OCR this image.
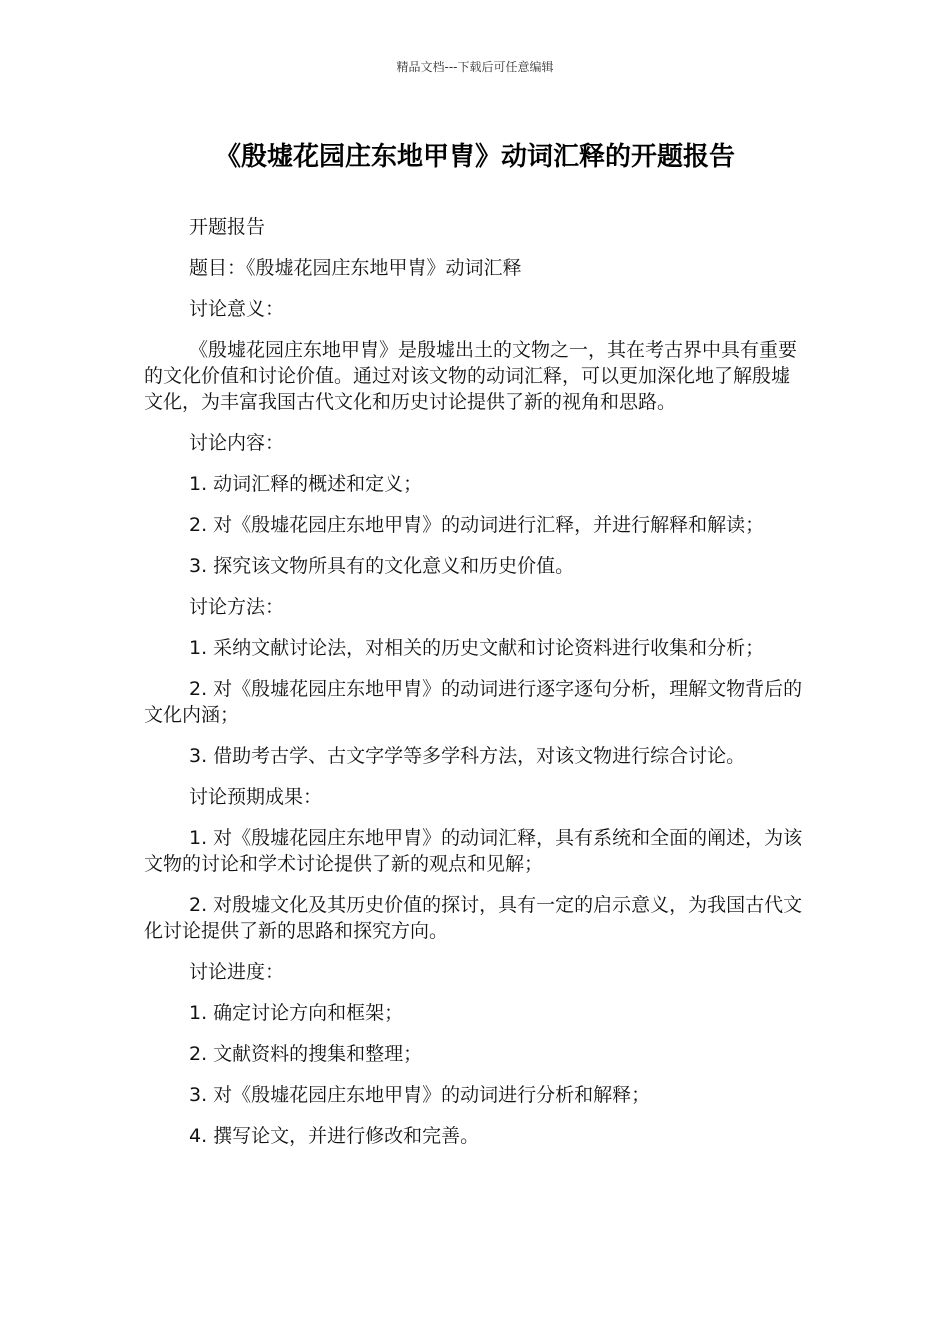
精品文档---下载后可任意编辑
《殷墟花园庄东地甲胄》动词汇释的开题报告

开题报告

题目：《殷墟花园庄东地甲胄》动词汇释

讨论意义：

《殷墟花园庄东地甲胄》是殷墟出土的文物之一，其在考古界中具有重要的文化价值和讨论价值。通过对该文物的动词汇释，可以更加深化地了解殷墟文化，为丰富我国古代文化和历史讨论提供了新的视角和思路。

讨论内容：

1. 动词汇释的概述和定义；

2. 对《殷墟花园庄东地甲胄》的动词进行汇释，并进行解释和解读；

3. 探究该文物所具有的文化意义和历史价值。

讨论方法：

1. 采纳文献讨论法，对相关的历史文献和讨论资料进行收集和分析；

2. 对《殷墟花园庄东地甲胄》的动词进行逐字逐句分析，理解文物背后的文化内涵；

3. 借助考古学、古文字学等多学科方法，对该文物进行综合讨论。

讨论预期成果：

1. 对《殷墟花园庄东地甲胄》的动词汇释，具有系统和全面的阐述，为该文物的讨论和学术讨论提供了新的观点和见解；

2. 对殷墟文化及其历史价值的探讨，具有一定的启示意义，为我国古代文化讨论提供了新的思路和探究方向。

讨论进度：

1. 确定讨论方向和框架；

2. 文献资料的搜集和整理；

3. 对《殷墟花园庄东地甲胄》的动词进行分析和解释；

4. 撰写论文，并进行修改和完善。
